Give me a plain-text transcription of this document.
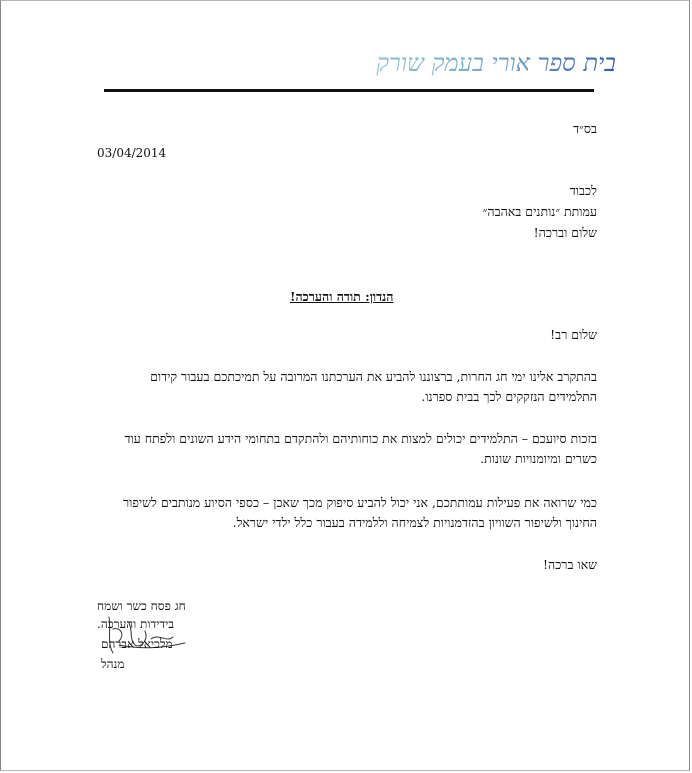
בית ספר אורי בעמק שורק
בס״ד
03/04/2014
לכבוד
עמותת ״נותנים באהבה״
שלום וברכה!
הנדון: תודה והערכה!
שלום רב!
בהתקרב אלינו ימי חג החרות, ברצוננו להביע את הערכתנו המרובה על תמיכתכם בעבור קידום
התלמידים הנזקקים לכך בבית ספרנו.
בזכות סיועכם – התלמידים יכולים למצות את כוחותיהם ולהתקדם בתחומי הידע השונים ולפתח עוד
כשרים ומיומנויות שונות.
כמי שרואה את פעילות עמותתכם, אני יכול להביע סיפוק מכך שאכן – כספי הסיוע מנותבים לשיפור
החינוך ולשיפור השוויון בהזדמנויות לצמיחה וללמידה בעבור כלל ילדי ישראל.
שאו ברכה!
חג פסח כשר ושמח
בידידות והערכה.
מלכיאל אברהם
מנהל
